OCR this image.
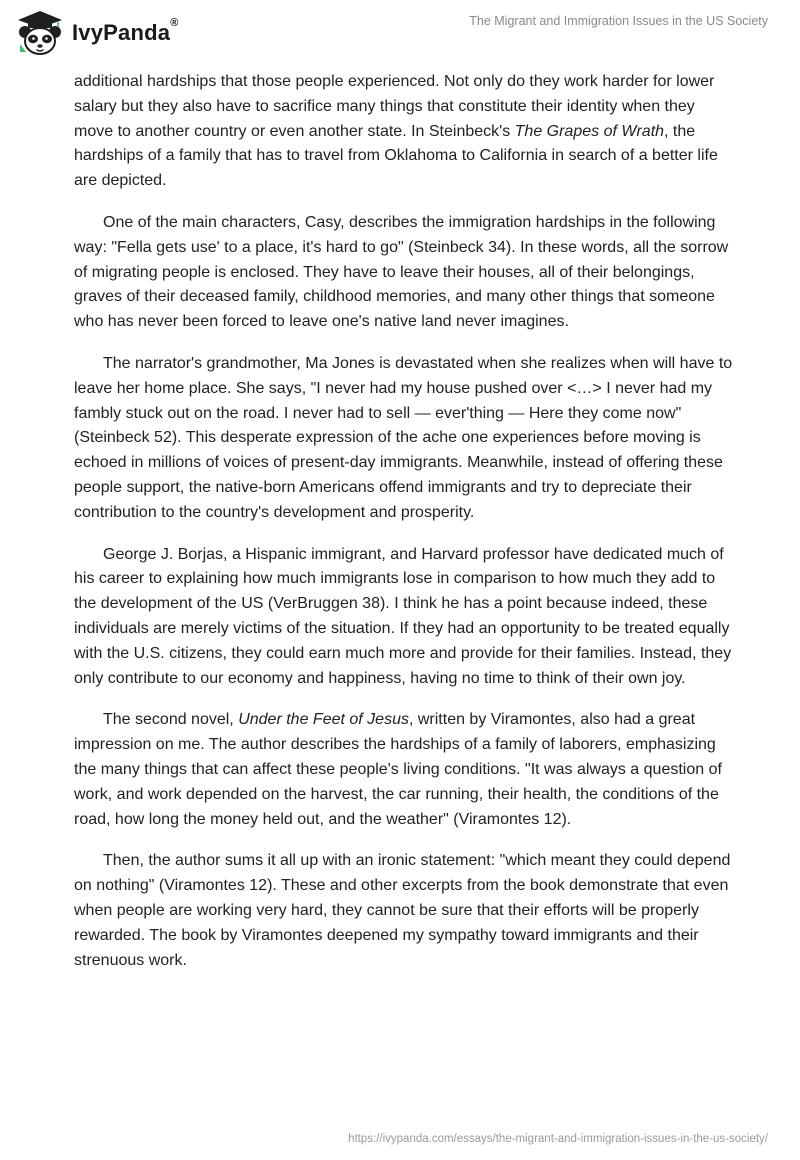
IvyPanda®	The Migrant and Immigration Issues in the US Society

additional hardships that those people experienced. Not only do they work harder for lower salary but they also have to sacrifice many things that constitute their identity when they move to another country or even another state. In Steinbeck's The Grapes of Wrath, the hardships of a family that has to travel from Oklahoma to California in search of a better life are depicted.

One of the main characters, Casy, describes the immigration hardships in the following way: "Fella gets use' to a place, it's hard to go" (Steinbeck 34). In these words, all the sorrow of migrating people is enclosed. They have to leave their houses, all of their belongings, graves of their deceased family, childhood memories, and many other things that someone who has never been forced to leave one's native land never imagines.

The narrator's grandmother, Ma Jones is devastated when she realizes when will have to leave her home place. She says, "I never had my house pushed over <…> I never had my fambly stuck out on the road. I never had to sell — ever'thing — Here they come now" (Steinbeck 52). This desperate expression of the ache one experiences before moving is echoed in millions of voices of present-day immigrants. Meanwhile, instead of offering these people support, the native-born Americans offend immigrants and try to depreciate their contribution to the country's development and prosperity.

George J. Borjas, a Hispanic immigrant, and Harvard professor have dedicated much of his career to explaining how much immigrants lose in comparison to how much they add to the development of the US (VerBruggen 38). I think he has a point because indeed, these individuals are merely victims of the situation. If they had an opportunity to be treated equally with the U.S. citizens, they could earn much more and provide for their families. Instead, they only contribute to our economy and happiness, having no time to think of their own joy.

The second novel, Under the Feet of Jesus, written by Viramontes, also had a great impression on me. The author describes the hardships of a family of laborers, emphasizing the many things that can affect these people's living conditions. "It was always a question of work, and work depended on the harvest, the car running, their health, the conditions of the road, how long the money held out, and the weather" (Viramontes 12).

Then, the author sums it all up with an ironic statement: "which meant they could depend on nothing" (Viramontes 12). These and other excerpts from the book demonstrate that even when people are working very hard, they cannot be sure that their efforts will be properly rewarded. The book by Viramontes deepened my sympathy toward immigrants and their strenuous work.

https://ivypanda.com/essays/the-migrant-and-immigration-issues-in-the-us-society/
